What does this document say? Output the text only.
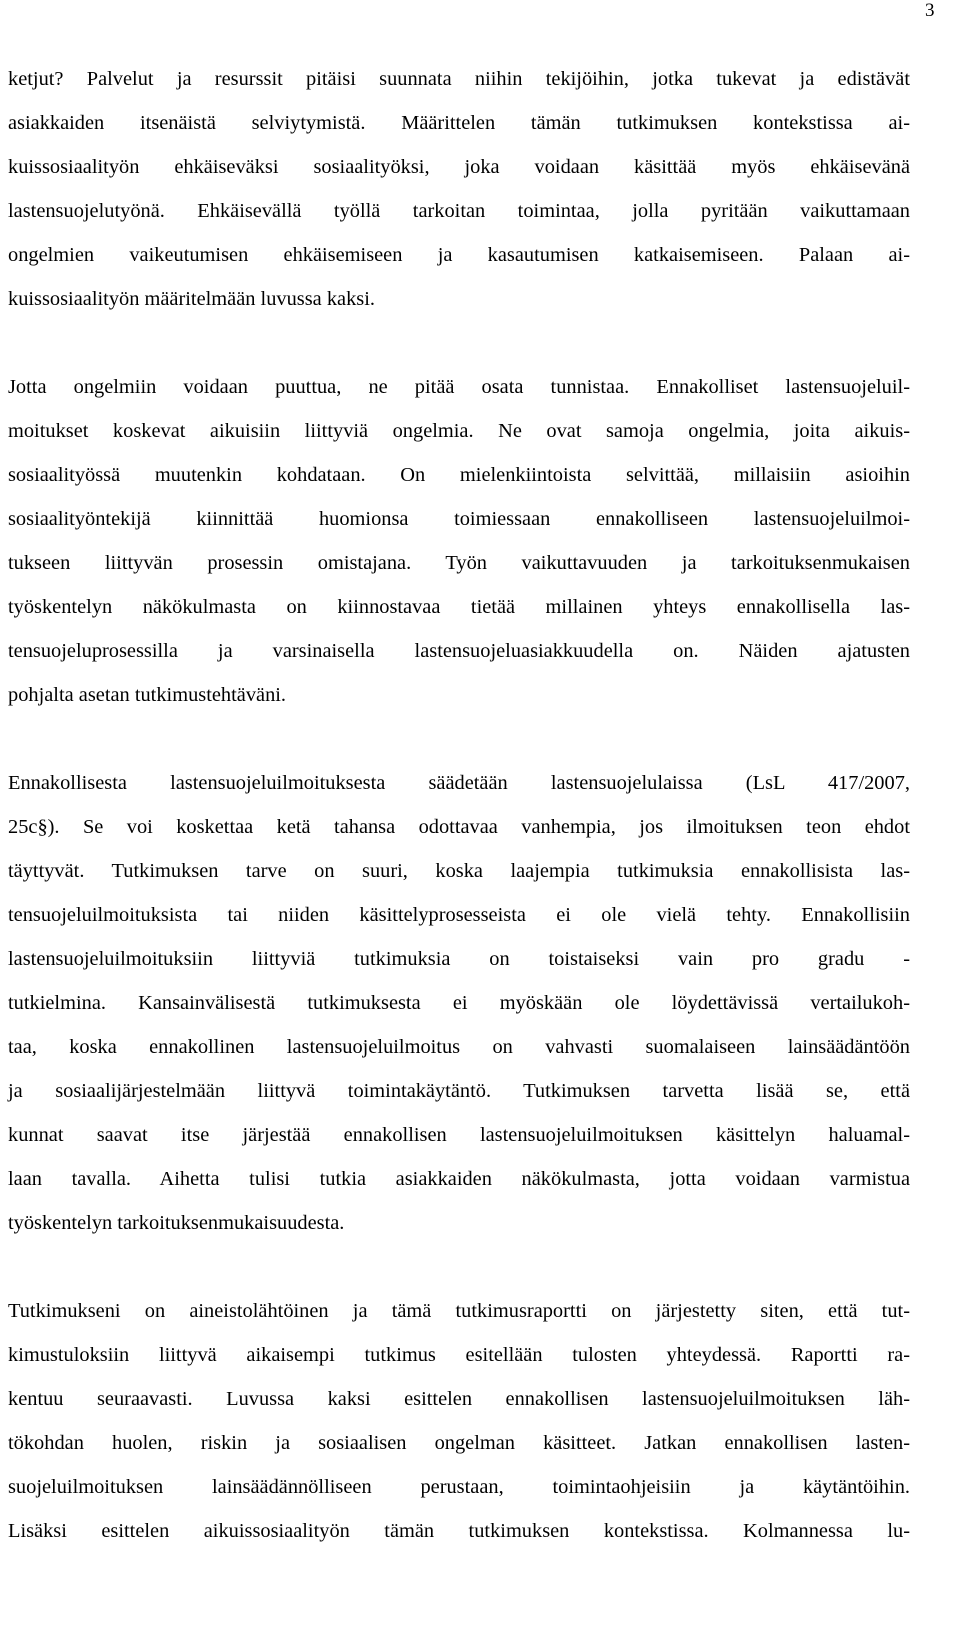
3

ketjut? Palvelut ja resurssit pitäisi suunnata niihin tekijöihin, jotka tukevat ja edistävät
asiakkaiden itsenäistä selviytymistä. Määrittelen tämän tutkimuksen kontekstissa ai-
kuissosiaalityön ehkäiseväksi sosiaalityöksi, joka voidaan käsittää myös ehkäisevänä
lastensuojelutyönä. Ehkäisevällä työllä tarkoitan toimintaa, jolla pyritään vaikuttamaan
ongelmien vaikeutumisen ehkäisemiseen ja kasautumisen katkaisemiseen. Palaan ai-
kuissosiaalityön määritelmään luvussa kaksi.

Jotta ongelmiin voidaan puuttua, ne pitää osata tunnistaa. Ennakolliset lastensuojeluil-
moitukset koskevat aikuisiin liittyviä ongelmia. Ne ovat samoja ongelmia, joita aikuis-
sosiaalityössä muutenkin kohdataan. On mielenkiintoista selvittää, millaisiin asioihin
sosiaalityöntekijä kiinnittää huomionsa toimiessaan ennakolliseen lastensuojeluilmoi-
tukseen liittyvän prosessin omistajana. Työn vaikuttavuuden ja tarkoituksenmukaisen
työskentelyn näkökulmasta on kiinnostavaa tietää millainen yhteys ennakollisella las-
tensuojeluprosessilla ja varsinaisella lastensuojeluasiakkuudella on. Näiden ajatusten
pohjalta asetan tutkimustehtäväni.

Ennakollisesta lastensuojeluilmoituksesta säädetään lastensuojelulaissa (LsL 417/2007,
25c§). Se voi koskettaa ketä tahansa odottavaa vanhempia, jos ilmoituksen teon ehdot
täyttyvät. Tutkimuksen tarve on suuri, koska laajempia tutkimuksia ennakollisista las-
tensuojeluilmoituksista tai niiden käsittelyprosesseista ei ole vielä tehty. Ennakollisiin
lastensuojeluilmoituksiin liittyviä tutkimuksia on toistaiseksi vain pro gradu -
tutkielmina. Kansainvälisestä tutkimuksesta ei myöskään ole löydettävissä vertailukoh-
taa, koska ennakollinen lastensuojeluilmoitus on vahvasti suomalaiseen lainsäädäntöön
ja sosiaalijärjestelmään liittyvä toimintakäytäntö. Tutkimuksen tarvetta lisää se, että
kunnat saavat itse järjestää ennakollisen lastensuojeluilmoituksen käsittelyn haluamal-
laan tavalla. Aihetta tulisi tutkia asiakkaiden näkökulmasta, jotta voidaan varmistua
työskentelyn tarkoituksenmukaisuudesta.

Tutkimukseni on aineistolähtöinen ja tämä tutkimusraportti on järjestetty siten, että tut-
kimustuloksiin liittyvä aikaisempi tutkimus esitellään tulosten yhteydessä. Raportti ra-
kentuu seuraavasti. Luvussa kaksi esittelen ennakollisen lastensuojeluilmoituksen läh-
tökohdan huolen, riskin ja sosiaalisen ongelman käsitteet. Jatkan ennakollisen lasten-
suojeluilmoituksen lainsäädännölliseen perustaan, toimintaohjeisiin ja käytäntöihin.
Lisäksi esittelen aikuissosiaalityön tämän tutkimuksen kontekstissa. Kolmannessa lu-
